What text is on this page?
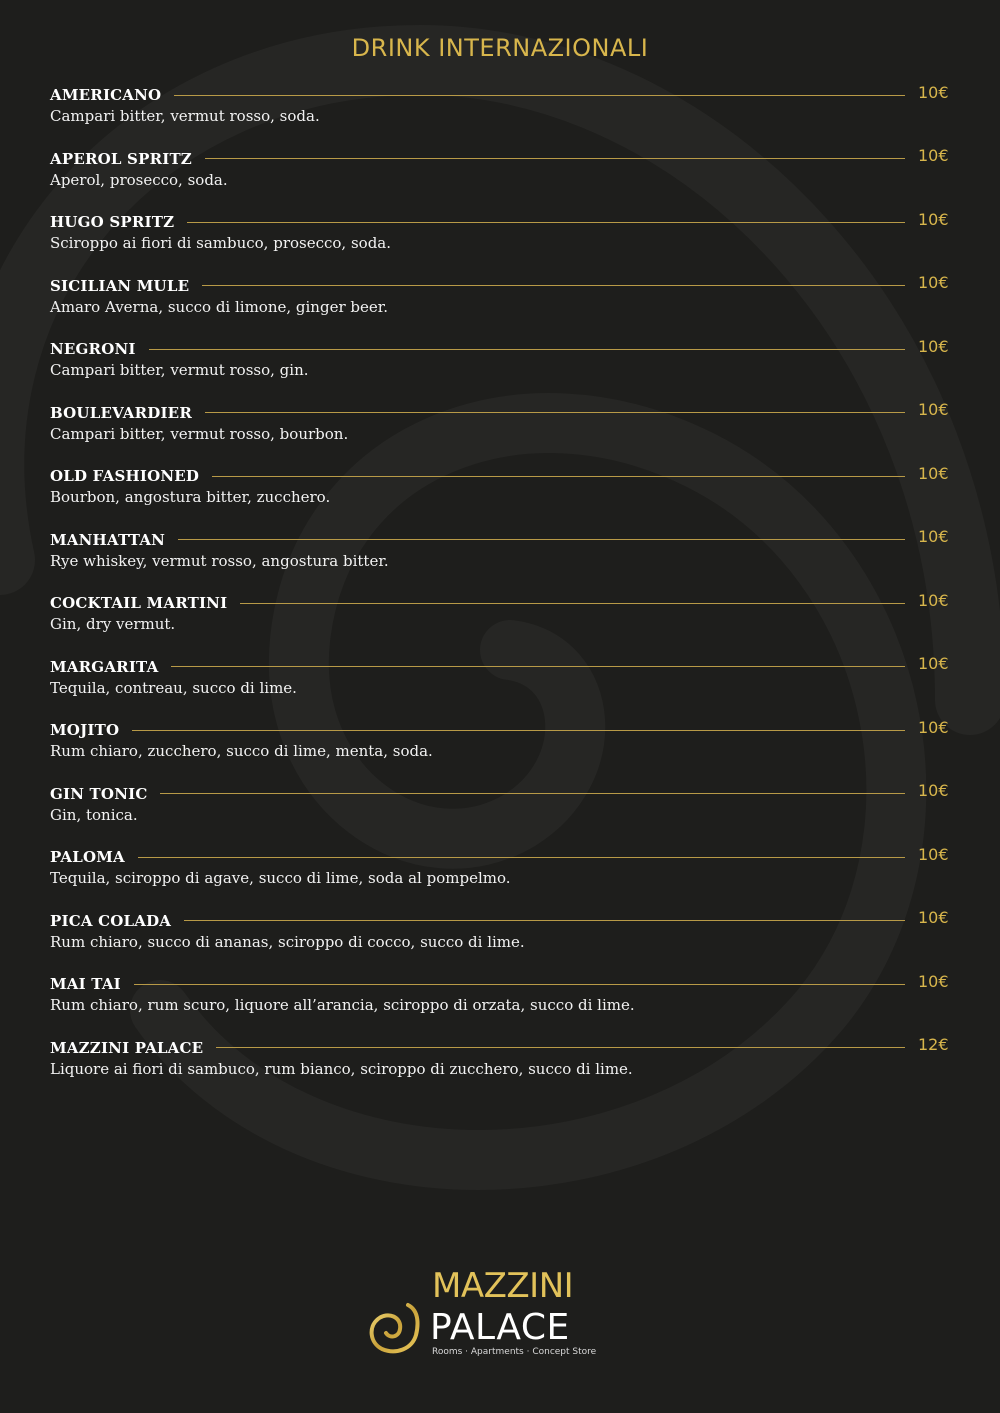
DRINK INTERNAZIONALI
AMERICANO	10€
Campari bitter, vermut rosso, soda.
APEROL SPRITZ	10€
Aperol, prosecco, soda.
HUGO SPRITZ	10€
Sciroppo ai fiori di sambuco, prosecco, soda.
SICILIAN MULE	10€
Amaro Averna, succo di limone, ginger beer.
NEGRONI	10€
Campari bitter, vermut rosso, gin.
BOULEVARDIER	10€
Campari bitter, vermut rosso, bourbon.
OLD FASHIONED	10€
Bourbon, angostura bitter, zucchero.
MANHATTAN	10€
Rye whiskey, vermut rosso, angostura bitter.
COCKTAIL MARTINI	10€
Gin, dry vermut.
MARGARITA	10€
Tequila, contreau, succo di lime.
MOJITO	10€
Rum chiaro, zucchero, succo di lime, menta, soda.
GIN TONIC	10€
Gin, tonica.
PALOMA	10€
Tequila, sciroppo di agave, succo di lime, soda al pompelmo.
PICA COLADA	10€
Rum chiaro, succo di ananas, sciroppo di cocco, succo di lime.
MAI TAI	10€
Rum chiaro, rum scuro, liquore all’arancia, sciroppo di orzata, succo di lime.
MAZZINI PALACE	12€
Liquore ai fiori di sambuco, rum bianco, sciroppo di zucchero, succo di lime.
MAZZINI
PALACE
Rooms · Apartments · Concept Store
